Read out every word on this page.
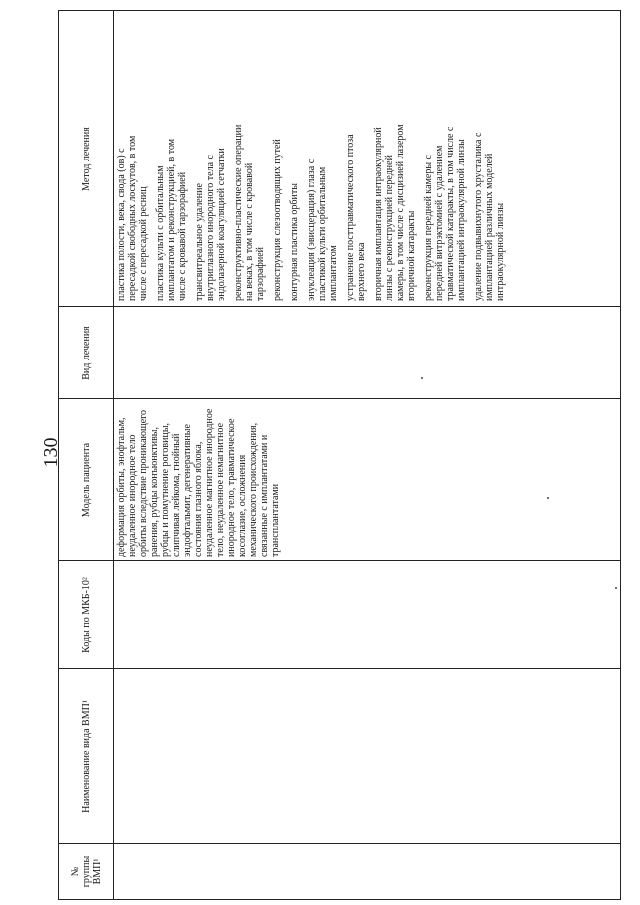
130
№
группы
ВМП¹
Наименование вида ВМП¹
Коды по МКБ-10²
Модель пациента
Вид лечения
Метод лечения
деформация орбиты, энофтальм,
неудаленное инородное тело
орбиты вследствие проникающего
ранения, рубцы конъюнктивы,
рубцы и помутнение роговицы,
слипчивая лейкома, гнойный
эндофтальмит, дегенеративные
состояния глазного яблока,
неудаленное магнитное инородное
тело, неудаленное немагнитное
инородное тело, травматическое
косоглазие, осложнения
механического происхождения,
связанные с имплантатами и
трансплантатами
пластика полости, века, свода (ов) с
пересадкой свободных лоскутов, в том
числе с пересадкой ресниц
пластика культи с орбитальным
имплантатом и реконструкцией, в том
числе с кровавой тарзорафией
трансвитреальное удаление
внутриглазного инородного тела с
эндолазерной коагуляцией сетчатки
реконструктивно-пластические операции
на веках, в том числе с кровавой
тарзорафией реконструкция слезоотводящих путей контурная пластика орбиты энуклеация (эвисцерация) глаза с
пластикой культи орбитальным
имплантатом устранение посттравматического птоза
верхнего века
вторичная имплантация интраокулярной
линзы с реконструкцией передней
камеры, в том числе с дисцизией лазером
вторичной катаракты
реконструкция передней камеры с
передней витрэктомией с удалением
травматической катаракты, в том числе с
имплантацией интраокулярной линзы
удаление подвывихнутого хрусталика с
имплантацией различных моделей
интраокулярной линзы
